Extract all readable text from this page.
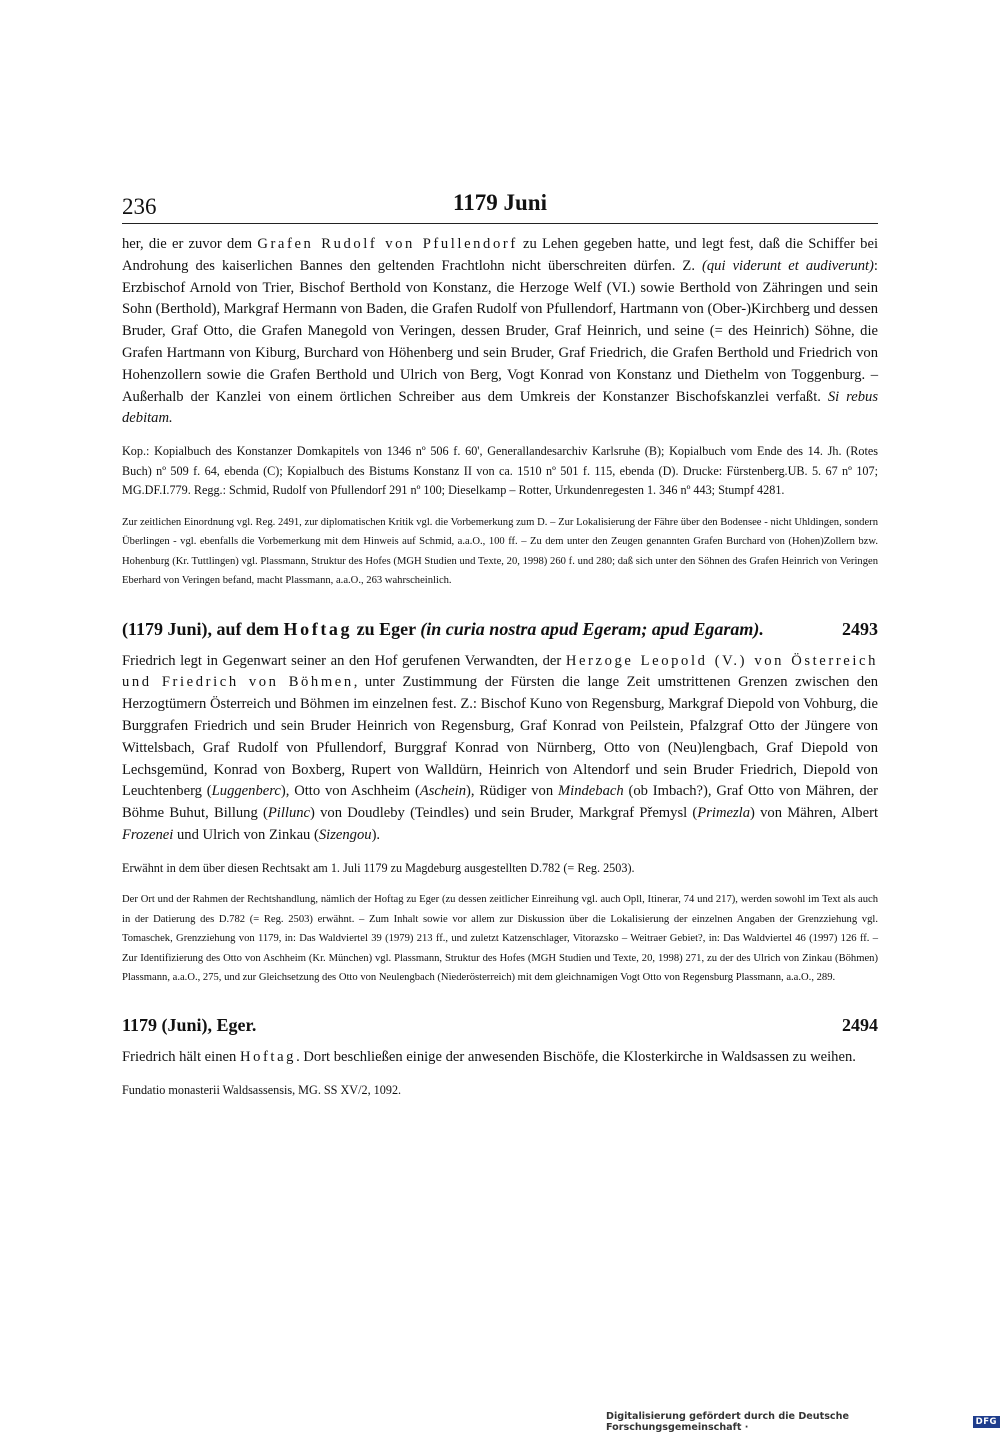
236	1179 Juni

her, die er zuvor dem Grafen Rudolf von Pfullendorf zu Lehen gegeben hatte, und legt fest, daß die Schiffer bei Androhung des kaiserlichen Bannes den geltenden Frachtlohn nicht überschreiten dürfen. Z. (qui viderunt et audiverunt): Erzbischof Arnold von Trier, Bischof Berthold von Konstanz, die Herzoge Welf (VI.) sowie Berthold von Zähringen und sein Sohn (Berthold), Markgraf Hermann von Baden, die Grafen Rudolf von Pfullendorf, Hartmann von (Ober-)Kirchberg und dessen Bruder, Graf Otto, die Grafen Manegold von Veringen, dessen Bruder, Graf Heinrich, und seine (= des Heinrich) Söhne, die Grafen Hartmann von Kiburg, Burchard von Höhenberg und sein Bruder, Graf Friedrich, die Grafen Berthold und Friedrich von Hohenzollern sowie die Grafen Berthold und Ulrich von Berg, Vogt Konrad von Konstanz und Diethelm von Toggenburg. – Außerhalb der Kanzlei von einem örtlichen Schreiber aus dem Umkreis der Konstanzer Bischofskanzlei verfaßt. Si rebus debitam.

Kop.: Kopialbuch des Konstanzer Domkapitels von 1346 nº 506 f. 60', Generallandesarchiv Karlsruhe (B); Kopialbuch vom Ende des 14. Jh. (Rotes Buch) nº 509 f. 64, ebenda (C); Kopialbuch des Bistums Konstanz II von ca. 1510 nº 501 f. 115, ebenda (D). Drucke: Fürstenberg.UB. 5. 67 nº 107; MG.DF.I.779. Regg.: Schmid, Rudolf von Pfullendorf 291 nº 100; Dieselkamp – Rotter, Urkundenregesten 1. 346 nº 443; Stumpf 4281.

Zur zeitlichen Einordnung vgl. Reg. 2491, zur diplomatischen Kritik vgl. die Vorbemerkung zum D. – Zur Lokalisierung der Fähre über den Bodensee - nicht Uhldingen, sondern Überlingen - vgl. ebenfalls die Vorbemerkung mit dem Hinweis auf Schmid, a.a.O., 100 ff. – Zu dem unter den Zeugen genannten Grafen Burchard von (Hohen)Zollern bzw. Hohenburg (Kr. Tuttlingen) vgl. Plassmann, Struktur des Hofes (MGH Studien und Texte, 20, 1998) 260 f. und 280; daß sich unter den Söhnen des Grafen Heinrich von Veringen Eberhard von Veringen befand, macht Plassmann, a.a.O., 263 wahrscheinlich.

(1179 Juni), auf dem Hoftag zu Eger (in curia nostra apud Egeram; apud Egaram).	2493

Friedrich legt in Gegenwart seiner an den Hof gerufenen Verwandten, der Herzoge Leopold (V.) von Österreich und Friedrich von Böhmen, unter Zustimmung der Fürsten die lange Zeit umstrittenen Grenzen zwischen den Herzogtümern Österreich und Böhmen im einzelnen fest. Z.: Bischof Kuno von Regensburg, Markgraf Diepold von Vohburg, die Burggrafen Friedrich und sein Bruder Heinrich von Regensburg, Graf Konrad von Peilstein, Pfalzgraf Otto der Jüngere von Wittelsbach, Graf Rudolf von Pfullendorf, Burggraf Konrad von Nürnberg, Otto von (Neu)lengbach, Graf Diepold von Lechsgemünd, Konrad von Boxberg, Rupert von Walldürn, Heinrich von Altendorf und sein Bruder Friedrich, Diepold von Leuchtenberg (Luggenberc), Otto von Aschheim (Aschein), Rüdiger von Mindebach (ob Imbach?), Graf Otto von Mähren, der Böhme Buhut, Billung (Pillunc) von Doudleby (Teindles) und sein Bruder, Markgraf Přemysl (Primezla) von Mähren, Albert Frozenei und Ulrich von Zinkau (Sizengou).

Erwähnt in dem über diesen Rechtsakt am 1. Juli 1179 zu Magdeburg ausgestellten D.782 (= Reg. 2503).

Der Ort und der Rahmen der Rechtshandlung, nämlich der Hoftag zu Eger (zu dessen zeitlicher Einreihung vgl. auch Opll, Itinerar, 74 und 217), werden sowohl im Text als auch in der Datierung des D.782 (= Reg. 2503) erwähnt. – Zum Inhalt sowie vor allem zur Diskussion über die Lokalisierung der einzelnen Angaben der Grenzziehung vgl. Tomaschek, Grenzziehung von 1179, in: Das Waldviertel 39 (1979) 213 ff., und zuletzt Katzenschlager, Vitorazsko – Weitraer Gebiet?, in: Das Waldviertel 46 (1997) 126 ff. – Zur Identifizierung des Otto von Aschheim (Kr. München) vgl. Plassmann, Struktur des Hofes (MGH Studien und Texte, 20, 1998) 271, zu der des Ulrich von Zinkau (Böhmen) Plassmann, a.a.O., 275, und zur Gleichsetzung des Otto von Neulengbach (Niederösterreich) mit dem gleichnamigen Vogt Otto von Regensburg Plassmann, a.a.O., 289.

1179 (Juni), Eger.	2494

Friedrich hält einen Hoftag. Dort beschließen einige der anwesenden Bischöfe, die Klosterkirche in Waldsassen zu weihen.

Fundatio monasterii Waldsassensis, MG. SS XV/2, 1092.

Digitalisierung gefördert durch die Deutsche Forschungsgemeinschaft ·	DFG
